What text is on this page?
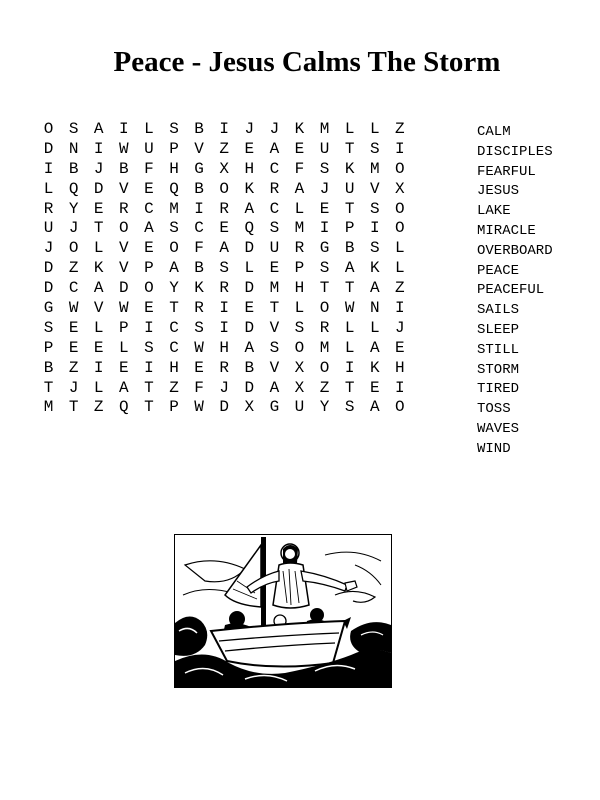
Peace - Jesus Calms The Storm
O S A I L S B I J J K M L L Z
D N I W U P V Z E A E U T S I
I B J B F H G X H C F S K M O
L Q D V E Q B O K R A J U V X
R Y E R C M I R A C L E T S O
U J T O A S C E Q S M I P I O
J O L V E O F A D U R G B S L
D Z K V P A B S L E P S A K L
D C A D O Y K R D M H T T A Z
G W V W E T R I E T L O W N I
S E L P I C S I D V S R L L J
P E E L S C W H A S O M L A E
B Z I E I H E R B V X O I K H
T J L A T Z F J D A X Z T E I
M T Z Q T P W D X G U Y S A O
CALM
DISCIPLES
FEARFUL
JESUS
LAKE
MIRACLE
OVERBOARD
PEACE
PEACEFUL
SAILS
SLEEP
STILL
STORM
TIRED
TOSS
WAVES
WIND
